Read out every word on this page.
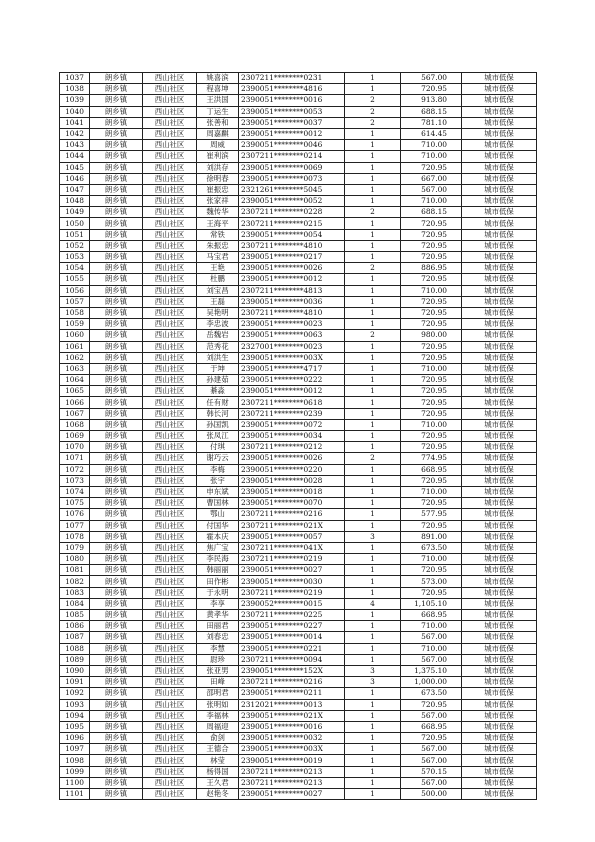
1037	朗乡镇	西山社区	姚喜滨	2307211********0231	1	567.00	城市低保
1038	朗乡镇	西山社区	程喜坤	2390051********4816	1	720.95	城市低保
1039	朗乡镇	西山社区	王洪国	2390051********0016	2	913.80	城市低保
1040	朗乡镇	西山社区	丁运生	2390051********0053	2	688.15	城市低保
1041	朗乡镇	西山社区	张善和	2390051********0037	2	781.10	城市低保
1042	朗乡镇	西山社区	周嘉麒	2390051********0012	1	614.45	城市低保
1043	朗乡镇	西山社区	周威	2390051********0046	1	710.00	城市低保
1044	朗乡镇	西山社区	崔利滨	2307211********0214	1	710.00	城市低保
1045	朗乡镇	西山社区	刘洪存	2390051********0069	1	720.95	城市低保
1046	朗乡镇	西山社区	徐明春	2390051********0073	1	667.00	城市低保
1047	朗乡镇	西山社区	崔振忠	2321261********5045	1	567.00	城市低保
1048	朗乡镇	西山社区	张家祥	2390051********0052	1	710.00	城市低保
1049	朗乡镇	西山社区	魏传华	2307211********0228	2	688.15	城市低保
1050	朗乡镇	西山社区	王海平	2307211********0215	1	720.95	城市低保
1051	朗乡镇	西山社区	常铁	2390051********0054	1	720.95	城市低保
1052	朗乡镇	西山社区	朱振忠	2307211********4810	1	720.95	城市低保
1053	朗乡镇	西山社区	马宝君	2390051********0217	1	720.95	城市低保
1054	朗乡镇	西山社区	王艳	2390051********0026	2	886.95	城市低保
1055	朗乡镇	西山社区	杜鹏	2390051********0012	1	720.95	城市低保
1056	朗乡镇	西山社区	刘宝昌	2307211********4813	1	710.00	城市低保
1057	朗乡镇	西山社区	王磊	2390051********0036	1	720.95	城市低保
1058	朗乡镇	西山社区	吴艳明	2307211********4810	1	720.95	城市低保
1059	朗乡镇	西山社区	李忠波	2390051********0023	1	720.95	城市低保
1060	朗乡镇	西山社区	岳魏岩	2390051********0063	2	980.00	城市低保
1061	朗乡镇	西山社区	范秀花	2327001********0023	1	720.95	城市低保
1062	朗乡镇	西山社区	刘洪生	2390051********003X	1	720.95	城市低保
1063	朗乡镇	西山社区	于坤	2390051********4717	1	710.00	城市低保
1064	朗乡镇	西山社区	孙建茹	2390051********0222	1	720.95	城市低保
1065	朗乡镇	西山社区	綦淼	2390051********0012	1	720.95	城市低保
1066	朗乡镇	西山社区	任有财	2307211********0618	1	720.95	城市低保
1067	朗乡镇	西山社区	韩长河	2307211********0239	1	720.95	城市低保
1068	朗乡镇	西山社区	孙国凯	2390051********0072	1	710.00	城市低保
1069	朗乡镇	西山社区	张凤江	2390051********0034	1	720.95	城市低保
1070	朗乡镇	西山社区	付琪	2307211********0212	1	720.95	城市低保
1071	朗乡镇	西山社区	谢巧云	2390051********0026	2	774.95	城市低保
1072	朗乡镇	西山社区	李梅	2390051********0220	1	668.95	城市低保
1073	朗乡镇	西山社区	张宇	2390051********0028	1	720.95	城市低保
1074	朗乡镇	西山社区	申东斌	2390051********0018	1	710.00	城市低保
1075	朗乡镇	西山社区	曹国林	2390051********0070	1	720.95	城市低保
1076	朗乡镇	西山社区	鄂山	2307211********0216	1	577.95	城市低保
1077	朗乡镇	西山社区	付国华	2307211********021X	1	720.95	城市低保
1078	朗乡镇	西山社区	霍本庆	2390051********0057	3	891.00	城市低保
1079	朗乡镇	西山社区	焦广宝	2307211********041X	1	673.50	城市低保
1080	朗乡镇	西山社区	李民海	2307211********0219	1	710.00	城市低保
1081	朗乡镇	西山社区	韩丽丽	2390051********0027	1	720.95	城市低保
1082	朗乡镇	西山社区	田作彬	2390051********0030	1	573.00	城市低保
1083	朗乡镇	西山社区	于永明	2307211********0219	1	720.95	城市低保
1084	朗乡镇	西山社区	李享	2390052********0015	4	1,105.10	城市低保
1085	朗乡镇	西山社区	黄孝华	2307211********0225	1	668.95	城市低保
1086	朗乡镇	西山社区	田丽君	2390051********0227	1	710.00	城市低保
1087	朗乡镇	西山社区	刘春忠	2390051********0014	1	567.00	城市低保
1088	朗乡镇	西山社区	李慧	2390051********0221	1	710.00	城市低保
1089	朗乡镇	西山社区	尉珍	2307211********0094	1	567.00	城市低保
1090	朗乡镇	西山社区	张亚男	2390051********152X	3	1,375.10	城市低保
1091	朗乡镇	西山社区	田峰	2307211********0216	3	1,000.00	城市低保
1092	朗乡镇	西山社区	邵明君	2390051********0211	1	673.50	城市低保
1093	朗乡镇	西山社区	张明如	2312021********0013	1	720.95	城市低保
1094	朗乡镇	西山社区	李福林	2390051********021X	1	567.00	城市低保
1095	朗乡镇	西山社区	周福迎	2390051********0016	1	668.95	城市低保
1096	朗乡镇	西山社区	俞剑	2390051********0032	1	720.95	城市低保
1097	朗乡镇	西山社区	王德合	2390051********003X	1	567.00	城市低保
1098	朗乡镇	西山社区	林莹	2390051********0019	1	567.00	城市低保
1099	朗乡镇	西山社区	杨得国	2307211********0213	1	570.15	城市低保
1100	朗乡镇	西山社区	王久君	2307211********0213	1	567.00	城市低保
1101	朗乡镇	西山社区	赵艳冬	2390051********0027	1	500.00	城市低保
